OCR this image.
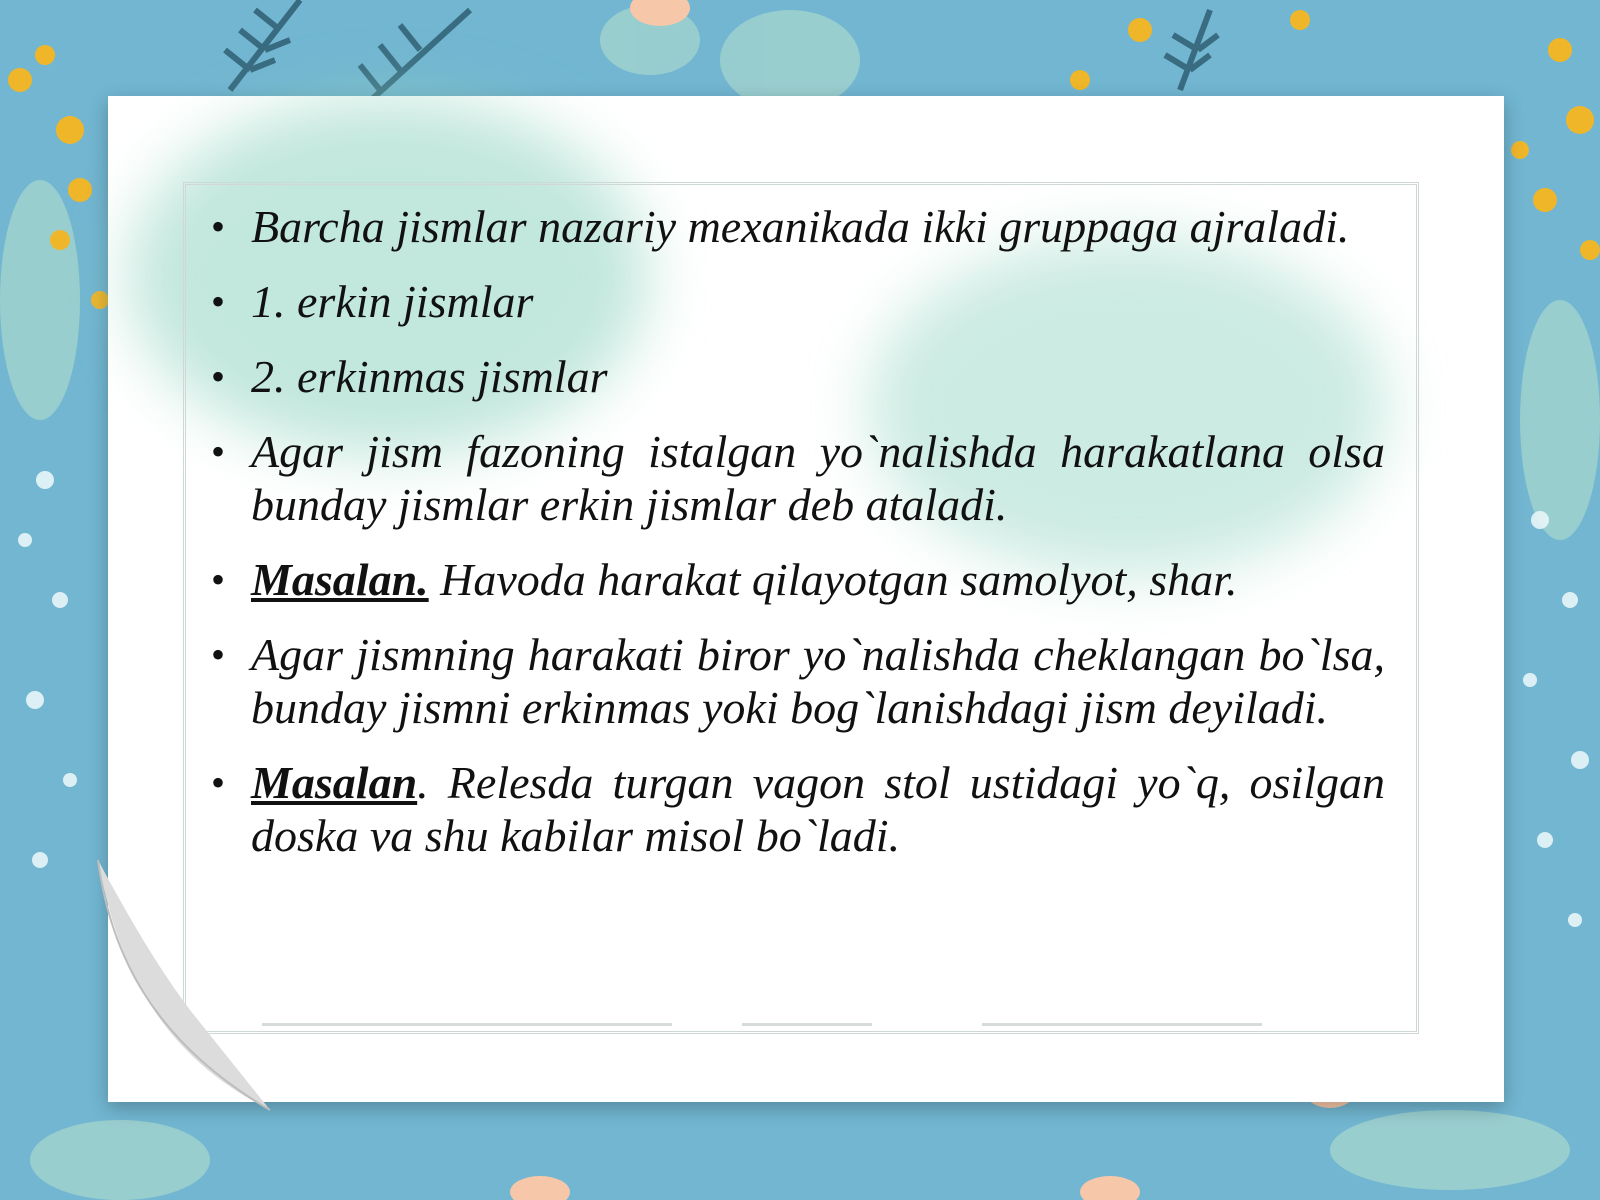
• Barcha jismlar nazariy mexanikada ikki gruppaga ajraladi.
• 1. erkin jismlar
• 2. erkinmas jismlar
• Agar jism fazoning istalgan yo`nalishda harakatlana olsa bunday jismlar erkin jismlar deb ataladi.
• Masalan. Havoda harakat qilayotgan samolyot, shar.
• Agar jismning harakati biror yo`nalishda cheklangan bo`lsa, bunday jismni erkinmas yoki bog`lanishdagi jism deyiladi.
• Masalan. Relesda turgan vagon stol ustidagi yo`q, osilgan doska va shu kabilar misol bo`ladi.
